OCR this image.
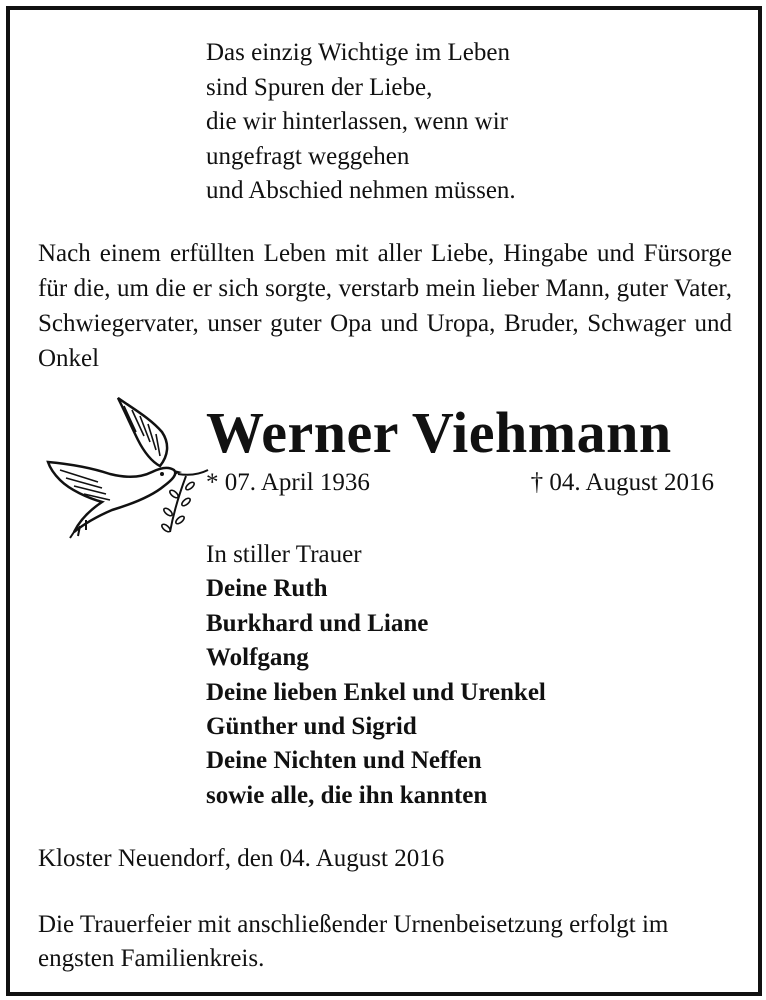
Das einzig Wichtige im Leben
sind Spuren der Liebe,
die wir hinterlassen, wenn wir
ungefragt weggehen
und Abschied nehmen müssen.
Nach einem erfüllten Leben mit aller Liebe, Hingabe und Fürsorge für die, um die er sich sorgte, verstarb mein lieber Mann, guter Vater, Schwiegervater, unser guter Opa und Uropa, Bruder, Schwager und Onkel
Werner Viehmann
* 07. April 1936	† 04. August 2016
In stiller Trauer
Deine Ruth
Burkhard und Liane
Wolfgang
Deine lieben Enkel und Urenkel
Günther und Sigrid
Deine Nichten und Neffen
sowie alle, die ihn kannten
Kloster Neuendorf, den 04. August 2016
Die Trauerfeier mit anschließender Urnenbeisetzung erfolgt im engsten Familienkreis.
